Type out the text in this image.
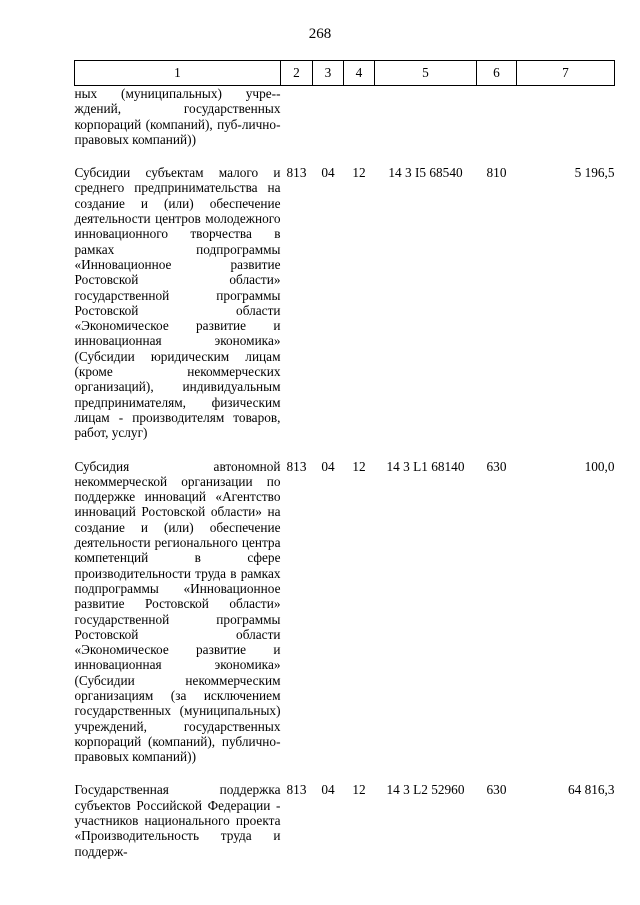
268
1	2	3	4	5	6	7
ных (муниципальных) учре-ждений, государственных корпораций (компаний), пуб-лично-правовых компаний))						

Субсидии субъектам малого и среднего предпринимательства на создание и (или) обеспечение деятельности центров молодежного инновационного творчества в рамках подпрограммы «Инновационное развитие Ростовской области» государственной программы Ростовской области «Экономическое развитие и инновационная экономика» (Субсидии юридическим лицам (кроме некоммерческих организаций), индивидуальным предпринимателям, физическим лицам - производителям товаров, работ, услуг)	813	04	12	14 3 I5 68540	810	5 196,5

Субсидия автономной некоммерческой организации по поддержке инноваций «Агентство инноваций Ростовской области» на создание и (или) обеспечение деятельности регионального центра компетенций в сфере производительности труда в рамках подпрограммы «Инновационное развитие Ростовской области» государственной программы Ростовской области «Экономическое развитие и инновационная экономика» (Субсидии некоммерческим организациям (за исключением государственных (муниципальных) учреждений, государственных корпораций (компаний), публично-правовых компаний))	813	04	12	14 3 L1 68140	630	100,0

Государственная поддержка субъектов Российской Федерации - участников национального проекта «Производительность труда и поддерж-	813	04	12	14 3 L2 52960	630	64 816,3
